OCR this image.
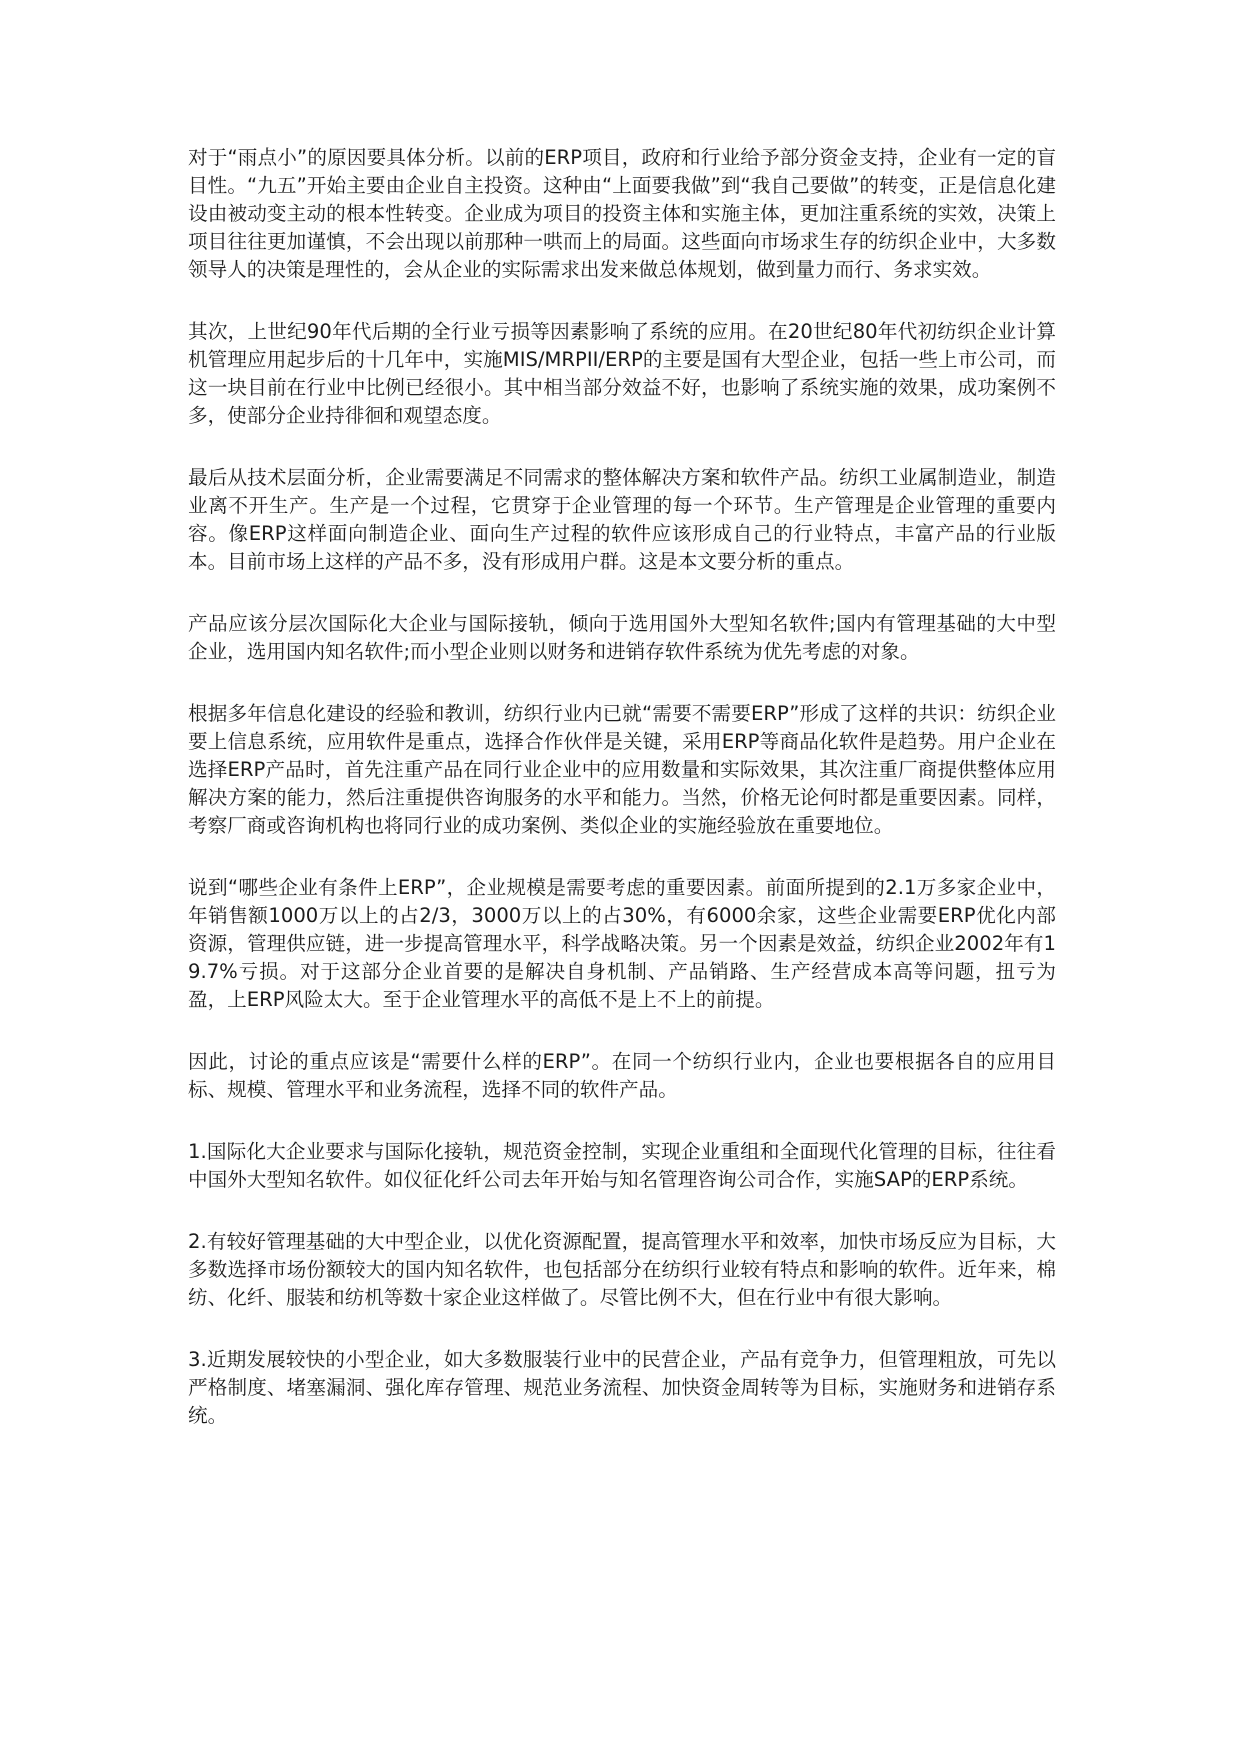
对于“雨点小”的原因要具体分析。以前的ERP项目，政府和行业给予部分资金支持，企业有一定的盲目性。“九五”开始主要由企业自主投资。这种由“上面要我做”到“我自己要做”的转变，正是信息化建设由被动变主动的根本性转变。企业成为项目的投资主体和实施主体，更加注重系统的实效，决策上项目往往更加谨慎，不会出现以前那种一哄而上的局面。这些面向市场求生存的纺织企业中，大多数领导人的决策是理性的，会从企业的实际需求出发来做总体规划，做到量力而行、务求实效。

其次，上世纪90年代后期的全行业亏损等因素影响了系统的应用。在20世纪80年代初纺织企业计算机管理应用起步后的十几年中，实施MIS/MRPII/ERP的主要是国有大型企业，包括一些上市公司，而这一块目前在行业中比例已经很小。其中相当部分效益不好，也影响了系统实施的效果，成功案例不多，使部分企业持徘徊和观望态度。

最后从技术层面分析，企业需要满足不同需求的整体解决方案和软件产品。纺织工业属制造业，制造业离不开生产。生产是一个过程，它贯穿于企业管理的每一个环节。生产管理是企业管理的重要内容。像ERP这样面向制造企业、面向生产过程的软件应该形成自己的行业特点，丰富产品的行业版本。目前市场上这样的产品不多，没有形成用户群。这是本文要分析的重点。

产品应该分层次国际化大企业与国际接轨，倾向于选用国外大型知名软件;国内有管理基础的大中型企业，选用国内知名软件;而小型企业则以财务和进销存软件系统为优先考虑的对象。

根据多年信息化建设的经验和教训，纺织行业内已就“需要不需要ERP”形成了这样的共识：纺织企业要上信息系统，应用软件是重点，选择合作伙伴是关键，采用ERP等商品化软件是趋势。用户企业在选择ERP产品时，首先注重产品在同行业企业中的应用数量和实际效果，其次注重厂商提供整体应用解决方案的能力，然后注重提供咨询服务的水平和能力。当然，价格无论何时都是重要因素。同样，考察厂商或咨询机构也将同行业的成功案例、类似企业的实施经验放在重要地位。

说到“哪些企业有条件上ERP”，企业规模是需要考虑的重要因素。前面所提到的2.1万多家企业中，年销售额1000万以上的占2/3，3000万以上的占30%，有6000余家，这些企业需要ERP优化内部资源，管理供应链，进一步提高管理水平，科学战略决策。另一个因素是效益，纺织企业2002年有19.7%亏损。对于这部分企业首要的是解决自身机制、产品销路、生产经营成本高等问题，扭亏为盈，上ERP风险太大。至于企业管理水平的高低不是上不上的前提。

因此，讨论的重点应该是“需要什么样的ERP”。在同一个纺织行业内，企业也要根据各自的应用目标、规模、管理水平和业务流程，选择不同的软件产品。

1.国际化大企业要求与国际化接轨，规范资金控制，实现企业重组和全面现代化管理的目标，往往看中国外大型知名软件。如仪征化纤公司去年开始与知名管理咨询公司合作，实施SAP的ERP系统。

2.有较好管理基础的大中型企业，以优化资源配置，提高管理水平和效率，加快市场反应为目标，大多数选择市场份额较大的国内知名软件，也包括部分在纺织行业较有特点和影响的软件。近年来，棉纺、化纤、服装和纺机等数十家企业这样做了。尽管比例不大，但在行业中有很大影响。

3.近期发展较快的小型企业，如大多数服装行业中的民营企业，产品有竞争力，但管理粗放，可先以严格制度、堵塞漏洞、强化库存管理、规范业务流程、加快资金周转等为目标，实施财务和进销存系统。
